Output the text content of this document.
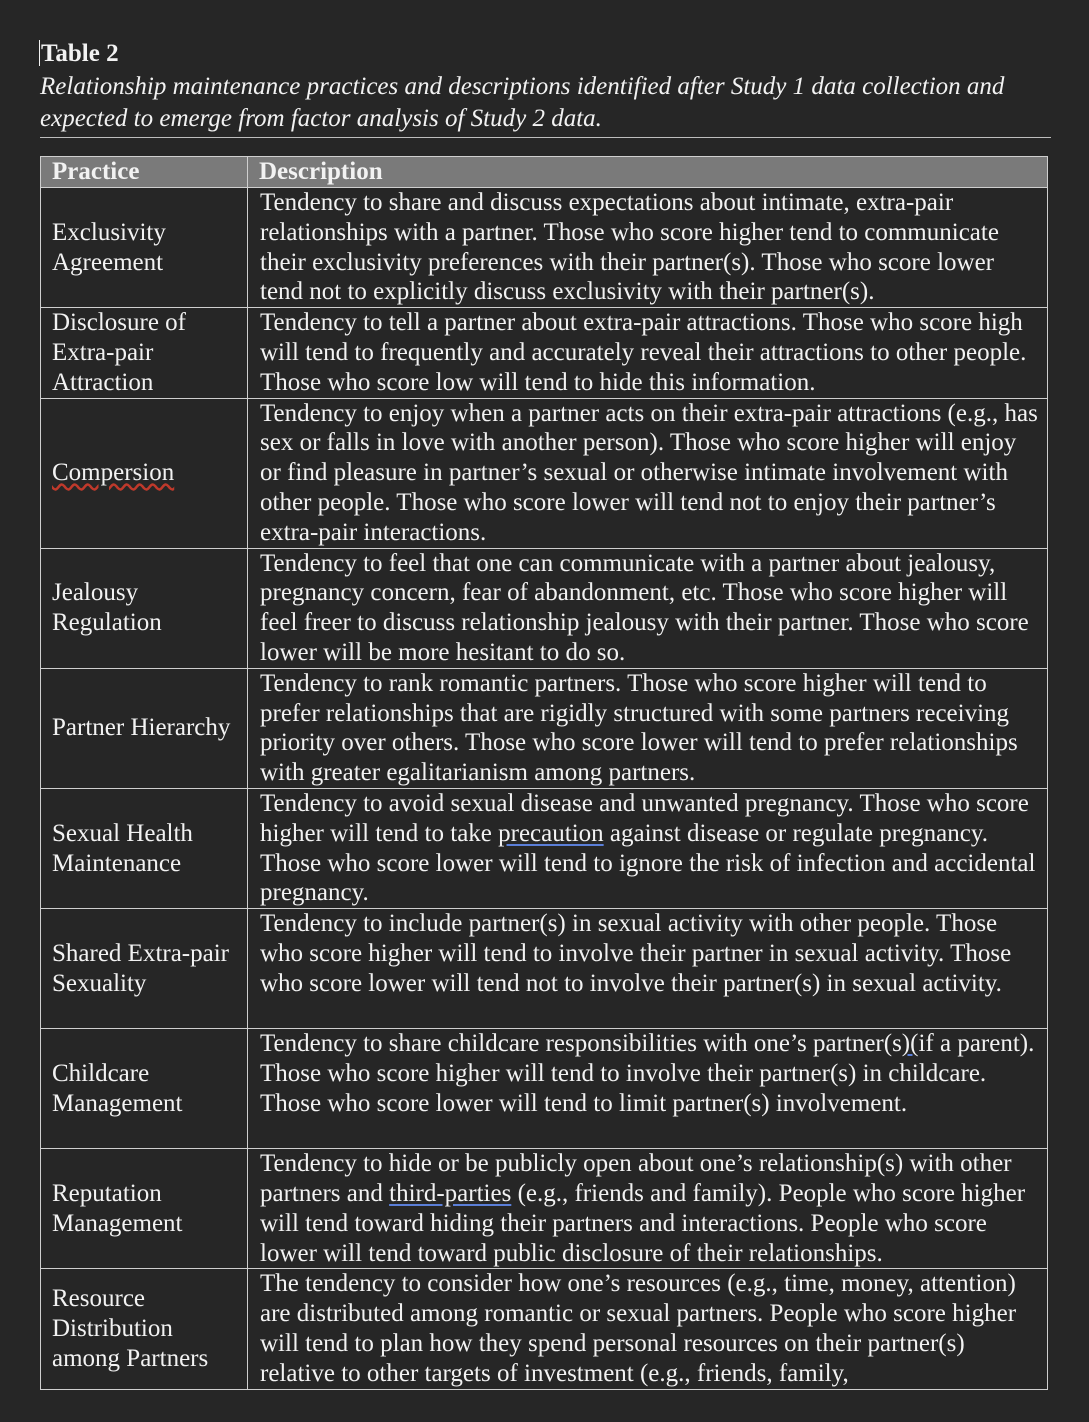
Table 2
Relationship maintenance practices and descriptions identified after Study 1 data collection and expected to emerge from factor analysis of Study 2 data.
Practice	Description
Exclusivity Agreement	Tendency to share and discuss expectations about intimate, extra-pair relationships with a partner. Those who score higher tend to communicate their exclusivity preferences with their partner(s). Those who score lower tend not to explicitly discuss exclusivity with their partner(s).
Disclosure of Extra-pair Attraction	Tendency to tell a partner about extra-pair attractions. Those who score high will tend to frequently and accurately reveal their attractions to other people. Those who score low will tend to hide this information.
Compersion	Tendency to enjoy when a partner acts on their extra-pair attractions (e.g., has sex or falls in love with another person). Those who score higher will enjoy or find pleasure in partner’s sexual or otherwise intimate involvement with other people. Those who score lower will tend not to enjoy their partner’s extra-pair interactions.
Jealousy Regulation	Tendency to feel that one can communicate with a partner about jealousy, pregnancy concern, fear of abandonment, etc. Those who score higher will feel freer to discuss relationship jealousy with their partner. Those who score lower will be more hesitant to do so.
Partner Hierarchy	Tendency to rank romantic partners. Those who score higher will tend to prefer relationships that are rigidly structured with some partners receiving priority over others. Those who score lower will tend to prefer relationships with greater egalitarianism among partners.
Sexual Health Maintenance	Tendency to avoid sexual disease and unwanted pregnancy. Those who score higher will tend to take precaution against disease or regulate pregnancy. Those who score lower will tend to ignore the risk of infection and accidental pregnancy.
Shared Extra-pair Sexuality	Tendency to include partner(s) in sexual activity with other people. Those who score higher will tend to involve their partner in sexual activity. Those who score lower will tend not to involve their partner(s) in sexual activity.
Childcare Management	Tendency to share childcare responsibilities with one’s partner(s)(if a parent). Those who score higher will tend to involve their partner(s) in childcare. Those who score lower will tend to limit partner(s) involvement.
Reputation Management	Tendency to hide or be publicly open about one’s relationship(s) with other partners and third-parties (e.g., friends and family). People who score higher will tend toward hiding their partners and interactions. People who score lower will tend toward public disclosure of their relationships.
Resource Distribution among Partners	The tendency to consider how one’s resources (e.g., time, money, attention) are distributed among romantic or sexual partners. People who score higher will tend to plan how they spend personal resources on their partner(s) relative to other targets of investment (e.g., friends, family,
